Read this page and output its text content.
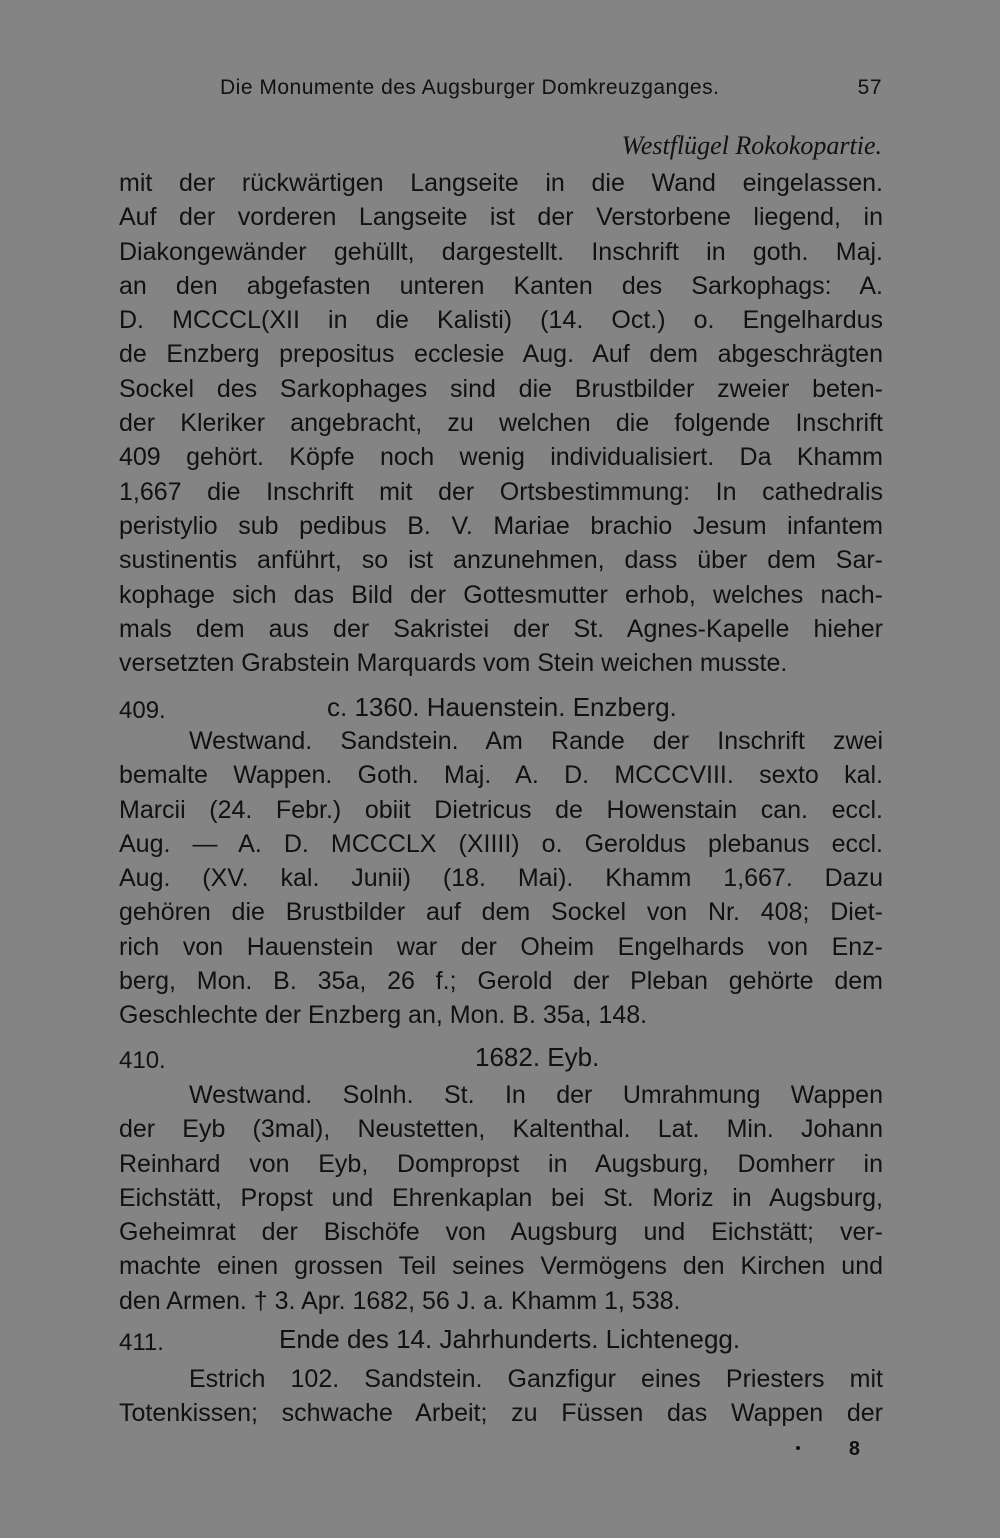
Die Monumente des Augsburger Domkreuzganges.	57
Westflügel Rokokopartie.
mit der rückwärtigen Langseite in die Wand eingelassen.
Auf der vorderen Langseite ist der Verstorbene liegend, in
Diakongewänder gehüllt, dargestellt. Inschrift in goth. Maj.
an den abgefasten unteren Kanten des Sarkophags: A.
D. MCCCL(XII in die Kalisti) (14. Oct.) o. Engelhardus
de Enzberg prepositus ecclesie Aug. Auf dem abgeschrägten
Sockel des Sarkophages sind die Brustbilder zweier beten-
der Kleriker angebracht, zu welchen die folgende Inschrift
409 gehört. Köpfe noch wenig individualisiert. Da Khamm
1,667 die Inschrift mit der Ortsbestimmung: In cathedralis
peristylio sub pedibus B. V. Mariae brachio Jesum infantem
sustinentis anführt, so ist anzunehmen, dass über dem Sar-
kophage sich das Bild der Gottesmutter erhob, welches nach-
mals dem aus der Sakristei der St. Agnes-Kapelle hieher
versetzten Grabstein Marquards vom Stein weichen musste.
409.	c. 1360. Hauenstein. Enzberg.
Westwand. Sandstein. Am Rande der Inschrift zwei
bemalte Wappen. Goth. Maj. A. D. MCCCVIII. sexto kal.
Marcii (24. Febr.) obiit Dietricus de Howenstain can. eccl.
Aug. — A. D. MCCCLX (XIIII) o. Geroldus plebanus eccl.
Aug. (XV. kal. Junii) (18. Mai). Khamm 1,667. Dazu
gehören die Brustbilder auf dem Sockel von Nr. 408; Diet-
rich von Hauenstein war der Oheim Engelhards von Enz-
berg, Mon. B. 35a, 26 f.; Gerold der Pleban gehörte dem
Geschlechte der Enzberg an, Mon. B. 35a, 148.
410.	1682. Eyb.
Westwand. Solnh. St. In der Umrahmung Wappen
der Eyb (3mal), Neustetten, Kaltenthal. Lat. Min. Johann
Reinhard von Eyb, Dompropst in Augsburg, Domherr in
Eichstätt, Propst und Ehrenkaplan bei St. Moriz in Augsburg,
Geheimrat der Bischöfe von Augsburg und Eichstätt; ver-
machte einen grossen Teil seines Vermögens den Kirchen und
den Armen. † 3. Apr. 1682, 56 J. a. Khamm 1, 538.
411.	Ende des 14. Jahrhunderts. Lichtenegg.
Estrich 102. Sandstein. Ganzfigur eines Priesters mit
Totenkissen; schwache Arbeit; zu Füssen das Wappen der
8
